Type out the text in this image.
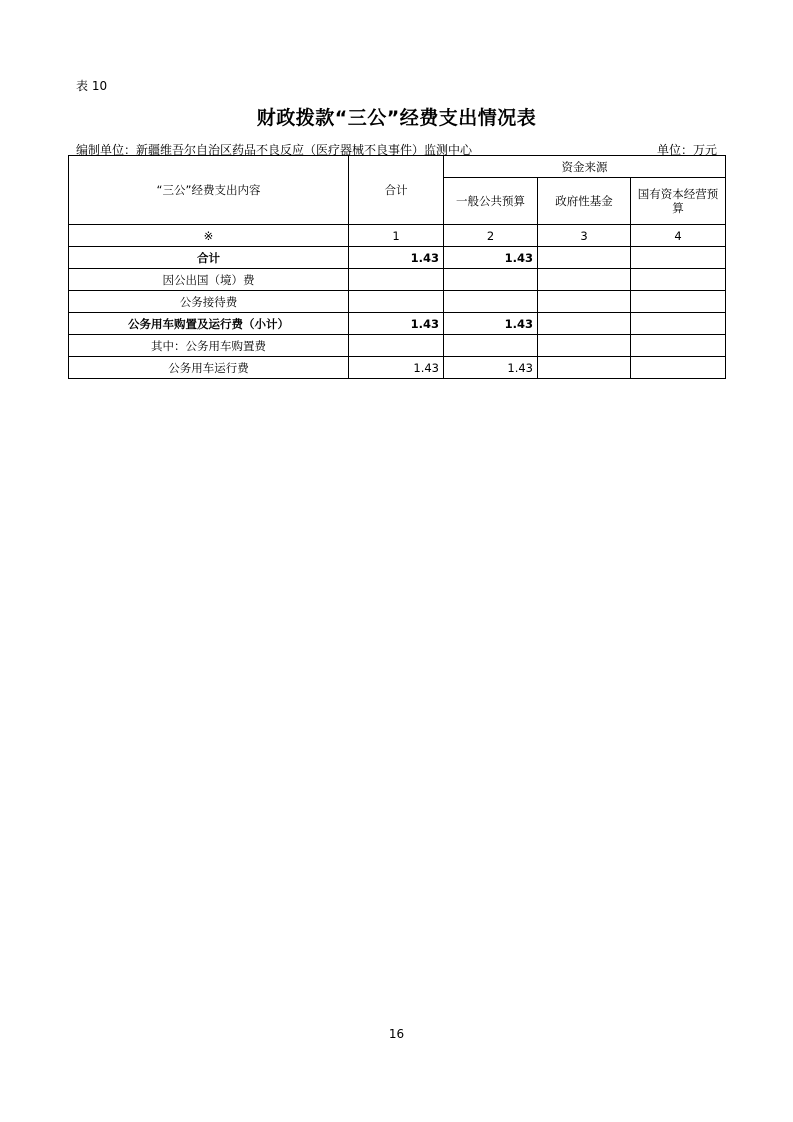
表 10
财政拨款“三公”经费支出情况表
编制单位：新疆维吾尔自治区药品不良反应（医疗器械不良事件）监测中心	单位：万元
“三公”经费支出内容	合计	资金来源		
		一般公共预算	政府性基金	国有资本经营预算
※	1	2	3	4
合计	1.43	1.43		
因公出国（境）费				
公务接待费				
公务用车购置及运行费（小计）	1.43	1.43		
其中：公务用车购置费				
公务用车运行费	1.43	1.43		
16
